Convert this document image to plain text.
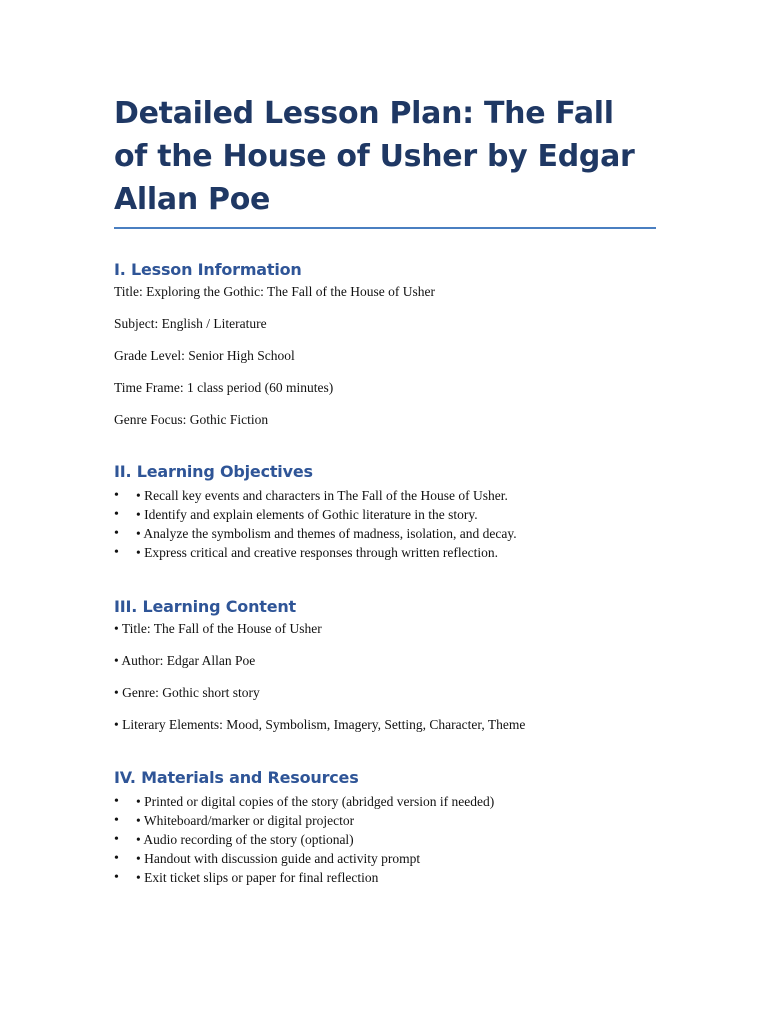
Detailed Lesson Plan: The Fall of the House of Usher by Edgar Allan Poe
I. Lesson Information

Title: Exploring the Gothic: The Fall of the House of Usher

Subject: English / Literature

Grade Level: Senior High School

Time Frame: 1 class period (60 minutes)

Genre Focus: Gothic Fiction

II. Learning Objectives
• • Recall key events and characters in The Fall of the House of Usher.
• • Identify and explain elements of Gothic literature in the story.
• • Analyze the symbolism and themes of madness, isolation, and decay.
• • Express critical and creative responses through written reflection.
III. Learning Content

• Title: The Fall of the House of Usher

• Author: Edgar Allan Poe

• Genre: Gothic short story

• Literary Elements: Mood, Symbolism, Imagery, Setting, Character, Theme

IV. Materials and Resources
• • Printed or digital copies of the story (abridged version if needed)
• • Whiteboard/marker or digital projector
• • Audio recording of the story (optional)
• • Handout with discussion guide and activity prompt
• • Exit ticket slips or paper for final reflection
